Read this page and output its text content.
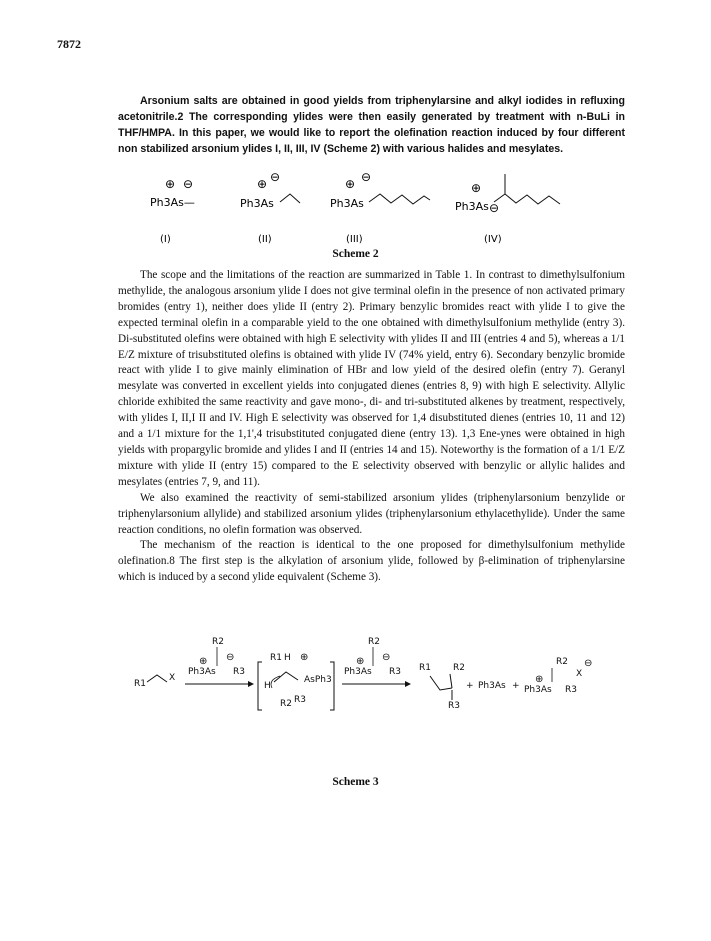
7872

Arsonium salts are obtained in good yields from triphenylarsine and alkyl iodides in refluxing acetonitrile.2 The corresponding ylides were then easily generated by treatment with n-BuLi in THF/HMPA. In this paper, we would like to report the olefination reaction induced by four different non stabilized arsonium ylides I, II, III, IV (Scheme 2) with various halides and mesylates.

⊕ ⊖
Ph3As—
(I)
⊕ ⊖
Ph3As
(II)
⊕ ⊖
Ph3As
(III)
⊕
Ph3As ⊖
(IV)
Scheme 2

The scope and the limitations of the reaction are summarized in Table 1. In contrast to dimethylsulfonium methylide, the analogous arsonium ylide I does not give terminal olefin in the presence of non activated primary bromides (entry 1), neither does ylide II (entry 2). Primary benzylic bromides react with ylide I to give the expected terminal olefin in a comparable yield to the one obtained with dimethylsulfonium methylide (entry 3). Di-substituted olefins were obtained with high E selectivity with ylides II and III (entries 4 and 5), whereas a 1/1 E/Z mixture of trisubstituted olefins is obtained with ylide IV (74% yield, entry 6). Secondary benzylic bromide react with ylide I to give mainly elimination of HBr and low yield of the desired olefin (entry 7). Geranyl mesylate was converted in excellent yields into conjugated dienes (entries 8, 9) with high E selectivity. Allylic chloride exhibited the same reactivity and gave mono-, di- and tri-substituted alkenes by treatment, respectively, with ylides I, II,I II and IV. High E selectivity was observed for 1,4 disubstituted dienes (entries 10, 11 and 12) and a 1/1 mixture for the 1,1',4 trisubstituted conjugated diene (entry 13). 1,3 Ene-ynes were obtained in high yields with propargylic bromide and ylides I and II (entries 14 and 15). Noteworthy is the formation of a 1/1 E/Z mixture with ylide II (entry 15) compared to the E selectivity observed with benzylic or allylic halides and mesylates (entries 7, 9, and 11).

We also examined the reactivity of semi-stabilized arsonium ylides (triphenylarsonium benzylide or triphenylarsonium allylide) and stabilized arsonium ylides (triphenylarsonium ethylacethylide). Under the same reaction conditions, no olefin formation was observed.

The mechanism of the reaction is identical to the one proposed for dimethylsulfonium methylide olefination.8 The first step is the alkylation of arsonium ylide, followed by β-elimination of triphenylarsine which is induced by a second ylide equivalent (Scheme 3).

R1
X
⊕ ⊖
R2
Ph3As R3
R1 H ⊕
H
AsPh3
R2 R3
⊕ ⊖
R2
Ph3As R3 R1 R2
R3
+ Ph3As +
⊕
Ph3As R3
R2
X
⊖
Scheme 3
